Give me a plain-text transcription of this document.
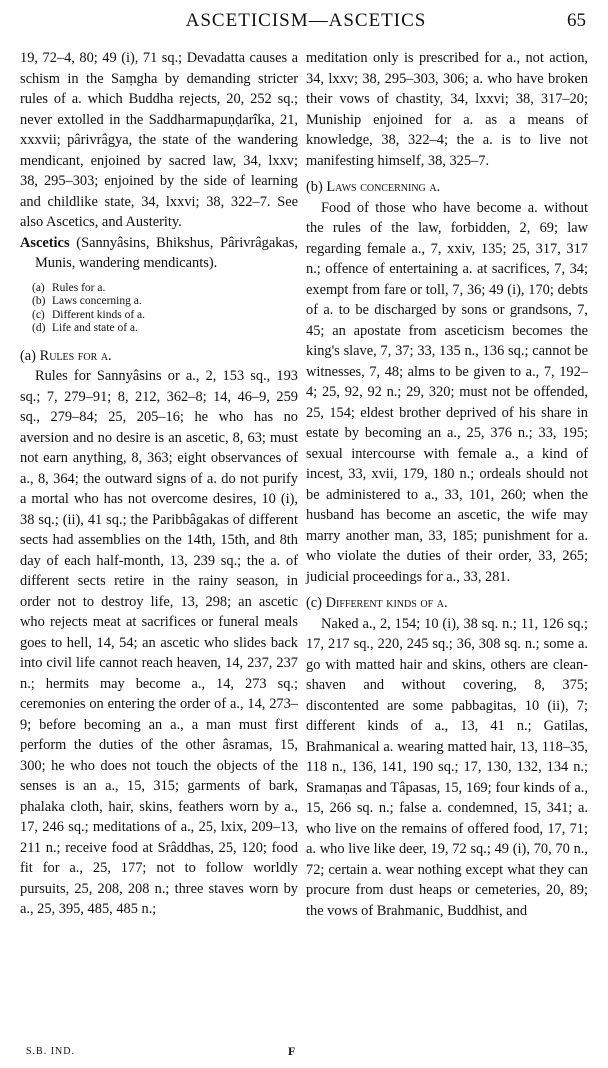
ASCETICISM—ASCETICS	65

19, 72–4, 80; 49 (i), 71 sq.; Devadatta causes a schism in the Saṃgha by demanding stricter rules of a. which Buddha rejects, 20, 252 sq.; never extolled in the Saddharmapuṇḍarîka, 21, xxxvii; pârivrâgya, the state of the wandering mendicant, enjoined by sacred law, 34, lxxv; 38, 295–303; enjoined by the side of learning and childlike state, 34, lxxvi; 38, 322–7. See also Ascetics, and Austerity.

Ascetics (Sannyâsins, Bhikshus, Pârivrâgakas, Munis, wandering mendicants).

(a) Rules for a.
(b) Laws concerning a.
(c) Different kinds of a.
(d) Life and state of a.
(a) Rules for a.

Rules for Sannyâsins or a., 2, 153 sq., 193 sq.; 7, 279–91; 8, 212, 362–8; 14, 46–9, 259 sq., 279–84; 25, 205–16; he who has no aversion and no desire is an ascetic, 8, 63; must not earn anything, 8, 363; eight observances of a., 8, 364; the outward signs of a. do not purify a mortal who has not overcome desires, 10 (i), 38 sq.; (ii), 41 sq.; the Paribbâgakas of different sects had assemblies on the 14th, 15th, and 8th day of each half-month, 13, 239 sq.; the a. of different sects retire in the rainy season, in order not to destroy life, 13, 298; an ascetic who rejects meat at sacrifices or funeral meals goes to hell, 14, 54; an ascetic who slides back into civil life cannot reach heaven, 14, 237, 237 n.; hermits may become a., 14, 273 sq.; ceremonies on entering the order of a., 14, 273–9; before becoming an a., a man must first perform the duties of the other âsramas, 15, 300; he who does not touch the objects of the senses is an a., 15, 315; garments of bark, phalaka cloth, hair, skins, feathers worn by a., 17, 246 sq.; meditations of a., 25, lxix, 209–13, 211 n.; receive food at Srâddhas, 25, 120; food fit for a., 25, 177; not to follow worldly pursuits, 25, 208, 208 n.; three staves worn by a., 25, 395, 485, 485 n.;

meditation only is prescribed for a., not action, 34, lxxv; 38, 295–303, 306; a. who have broken their vows of chastity, 34, lxxvi; 38, 317–20; Muniship enjoined for a. as a means of knowledge, 38, 322–4; the a. is to live not manifesting himself, 38, 325–7.

(b) Laws concerning a.

Food of those who have become a. without the rules of the law, forbidden, 2, 69; law regarding female a., 7, xxiv, 135; 25, 317, 317 n.; offence of entertaining a. at sacrifices, 7, 34; exempt from fare or toll, 7, 36; 49 (i), 170; debts of a. to be discharged by sons or grandsons, 7, 45; an apostate from asceticism becomes the king's slave, 7, 37; 33, 135 n., 136 sq.; cannot be witnesses, 7, 48; alms to be given to a., 7, 192–4; 25, 92, 92 n.; 29, 320; must not be offended, 25, 154; eldest brother deprived of his share in estate by becoming an a., 25, 376 n.; 33, 195; sexual intercourse with female a., a kind of incest, 33, xvii, 179, 180 n.; ordeals should not be administered to a., 33, 101, 260; when the husband has become an ascetic, the wife may marry another man, 33, 185; punishment for a. who violate the duties of their order, 33, 265; judicial proceedings for a., 33, 281.

(c) Different kinds of a.

Naked a., 2, 154; 10 (i), 38 sq. n.; 11, 126 sq.; 17, 217 sq., 220, 245 sq.; 36, 308 sq. n.; some a. go with matted hair and skins, others are clean-shaven and without covering, 8, 375; discontented are some pabbagitas, 10 (ii), 7; different kinds of a., 13, 41 n.; Gatilas, Brahmanical a. wearing matted hair, 13, 118–35, 118 n., 136, 141, 190 sq.; 17, 130, 132, 134 n.; Sramaṇas and Tâpasas, 15, 169; four kinds of a., 15, 266 sq. n.; false a. condemned, 15, 341; a. who live on the remains of offered food, 17, 71; a. who live like deer, 19, 72 sq.; 49 (i), 70, 70 n., 72; certain a. wear nothing except what they can procure from dust heaps or cemeteries, 20, 89; the vows of Brahmanic, Buddhist, and

S.B. IND.	F
